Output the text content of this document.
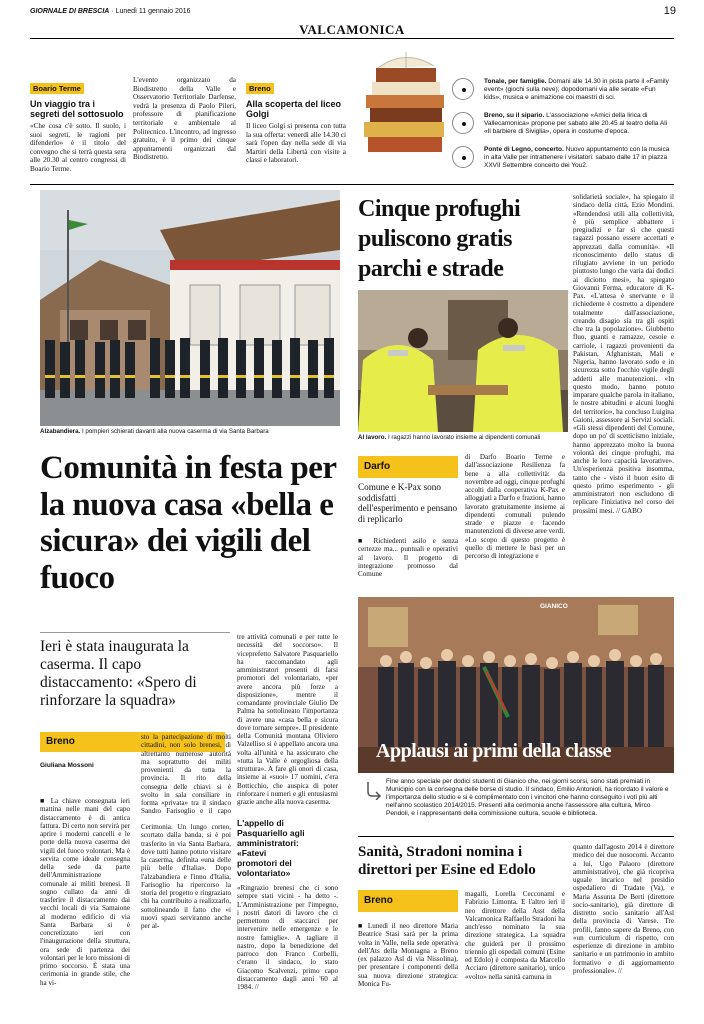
GIORNALE DI BRESCIA · Lunedì 11 gennaio 2016	19
VALCAMONICA
Boario Terme
Un viaggio tra i segreti del sottosuolo
«Che cosa c'è sotto. Il suolo, i suoi segreti, le ragioni per difenderlo» è il titolo del convegno che si terrà questa sera alle 20.30 al centro congressi di Boario Terme.
L'evento organizzato da Biodistretto della Valle e Osservatorio Territoriale Darfense, vedrà la presenza di Paolo Pileri, professore di pianificazione territoriale e ambientale al Politecnico. L'incontro, ad ingresso gratuito, è il primo dei cinque appuntamenti organizzati dal Biodistretto.
Breno
Alla scoperta del liceo Golgi
Il liceo Golgi si presenta con tutta la sua offerta: venerdì alle 14.30 ci sarà l'open day nella sede di via Martiri della Libertà con visite a classi e laboratori.
Tonale, per famiglie. Domani alle 14.30 in pista parte il «Family event» (giochi sulla neve); dopodomani via alle serate «Fun kids», musica e animazione coi maestri di sci.
Breno, su il sipario. L'associazione «Amici della lirica di Vallecamonica» propone per sabato alle 20.45 al teatro della Ali «Il barbiere di Siviglia», opera in costume d'epoca.
Ponte di Legno, concerto. Nuovo appuntamento con la musica in alta Valle per intrattenere i visitatori: sabato dalle 17 in piazza XXVII Settembre concerto dei You2.
Alzabandiera. I pompieri schierati davanti alla nuova caserma di via Santa Barbara
Comunità in festa per la nuova casa «bella e sicura» dei vigili del fuoco
Ieri è stata inaugurata la caserma. Il capo distaccamento: «Spero di rinforzare la squadra»
Breno
Giuliana Mossoni
■ La chiave consegnata ieri mattina nelle mani del capo distaccamento è di antica fattura. Di certo non servirà per aprire i moderni cancelli e le porte della nuova caserma dei vigili del fuoco volontari. Ma è servita come ideale consegna della sede da parte dell'Amministrazione comunale ai militi brenesi. Il sogno cullato da anni di trasferire il distaccamento dai vecchi locali di via Samaione al moderno edificio di via Santa Barbara si è concretizzato ieri con l'inaugurazione della struttura, ora sede di partenza dei volontari per le loro missioni di primo soccorso. È stata una cerimonia in grande stile, che ha vi-
sto la partecipazione di molti cittadini, non solo brenesi, di altrettanto numerose autorità ma soprattutto dei militi provenienti da tutta la provincia. Il rito della consegna delle chiavi si è svolto in sala consiliare in forma «privata» tra il sindaco Sandro Farisoglio e il capo
L'appello di Pasquariello agli amministratori: «Fatevi promotori del volontariato»
Cerimonia. Un lungo corteo, scortato dalla banda, si è poi trasferito in via Santa Barbara, dove tutti hanno potuto visitare la caserma, definita «una delle più belle d'Italia». Dopo l'alzabandiera e l'inno d'Italia, Farisoglio ha ripercorso la storia del progetto e ringraziato chi ha contribuito a realizzarlo, sottolineando il fatto che «i nuovi spazi serviranno anche per al-
tre attività comunali e per tutte le necessità del soccorso». Il viceprefetto Salvatore Pasquariello ha raccomandato agli amministratori presenti di farsi promotori del volontariato, «per avere ancora più forze a disposizione», mentre il comandante provinciale Giulio De Palma ha sottolineato l'importanza di avere una «casa bella e sicura dove tornare sempre». Il presidente della Comunità montana Oliviero Valzelliso si è appellato ancora una volta all'unità e ha assicurato che «tutta la Valle è orgogliosa della struttura». A fare gli onori di casa, insieme ai «suoi» 17 uomini, c'era Botticchio, che auspica di poter rinforzare i numeri e gli entusiasmi grazie anche alla nuova caserma.
«Ringrazio brenesi che ci sono sempre stati vicini - ha detto -. L'Amministrazione per l'impegno, i nostri datori di lavoro che ci permettono di staccarci per intervenire nelle emergenze e le nostre famiglie». A tagliare il nastro, dopo la benedizione del parroco don Franco Corbelli, c'erano il sindaco, lo stato Giacomo Scalvenzi, primo capo distaccamento dagli anni '60 al 1984. //
Cinque profughi puliscono gratis parchi e strade
Al lavoro. I ragazzi hanno lavorato insieme ai dipendenti comunali
Darfo
Comune e K-Pax sono soddisfatti dell'esperimento e pensano di replicarlo
■ Richiedenti asilo e senza certezze ma... puntuali e operativi al lavoro. Il progetto di integrazione promosso dal Comune
di Darfo Boario Terme e dall'associazione Resilienza fa bene a alla collettività: da novembre ad oggi, cinque profughi accolti dalla cooperativa K-Pax e alloggiati a Darfo e frazioni, hanno lavorato gratuitamente insieme ai dipendenti comunali pulendo strade e piazze e facendo manutenzioni di diverse aree verdi. «Lo scopo di questo progetto è quello di mettere le basi per un percorso di integrazione e
solidarietà sociale», ha spiegato il sindaco della città, Ezio Mondini. «Rendendosi utili alla collettività, è più semplice abbattere i pregiudizi e far sì che questi ragazzi possano essere accettati e apprezzati dalla comunità». «Il riconoscimento dello status di rifugiato avviene in un periodo piuttosto lungo che varia dai dodici ai diciotto mesi», ha spiegato Giovanni Ferma, educatore di K-Pax. «L'attesa è snervante e il richiedente è costretto a dipendere totalmente dall'associazione, creando disagio sia tra gli ospiti che tra la popolazione». Giubbetto fluo, guanti e ramazze, cesoie e carriole, i ragazzi provenienti da Pakistan, Afghanistan, Mali e Nigeria, hanno lavorato sodo e in sicurezza sotto l'occhio vigile degli addetti alle manutenzioni. «In questo modo, hanno potuto imparare qualche parola in italiano, le nostre abitudini e alcuni luoghi del territorio», ha concluso Luigina Gaioni, assessore ai Servizi sociali. «Gli stessi dipendenti del Comune, dopo un po' di scetticismo iniziale, hanno apprezzato molto la buona volontà dei cinque profughi, ma anche le loro capacità lavorative». Un'esperienza positiva insomma, tanto che - visto il buon esito di questo primo esperimento - gli amministratori non escludono di replicare l'iniziativa nel corso dei prossimi mesi. // GABO
GIANICO
Applausi ai primi della classe
Fine anno speciale per dodici studenti di Gianico che, nei giorni scorsi, sono stati premiati in Municipio con la consegna delle borse di studio. Il sindaco, Emilio Antonioli, ha ricordato il valore e l'importanza dello studio e si è complimentato con i vincitori che hanno conseguito i voti più alti nell'anno scolastico 2014/2015. Presenti alla cerimonia anche l'assessore alla cultura, Mirco Pendoli, e i rappresentanti della commissione cultura, scuole e biblioteca.
Sanità, Stradoni nomina i direttori per Esine ed Edolo
Breno
■ Lunedì il neo direttore Maria Beatrice Stasi sarà per la prima volta in Valle, nella sede operativa dell'Ats della Montagna a Breno (ex palazzo Asl di via Nissolina), per presentare i componenti della sua nuova direzione strategica: Monica Fu-
magalli, Lorella Cecconami e Fabrizio Limonta. E l'altro ieri il neo direttore della Asst della Valcamonica Raffaello Stradoni ha anch'esso nominato la sua direzione strategica. La squadra che guiderà per il prossimo triennio gli ospedali comuni (Esine ed Edolo) è composta da Marcello Acciaro (direttore sanitario), unico «volto» nella sanità camuna in
quanto dall'agosto 2014 è direttore medico dei due nosocomi. Accanto a lui, Ugo Palaoro (direttore amministrativo), che già ricopriva uguale incarico nel presidio ospedaliero di Tradate (Va), e Maria Assunta De Berti (direttore socio-sanitario), già direttore di distretto socio sanitario all'Asl della provincia di Varese. Tre profili, fanno sapere da Breno, con «un curriculum di rispetto, con esperienze di direzione in ambito sanitario e un patrimonio in ambito formativo e di aggiornamento professionale». //
